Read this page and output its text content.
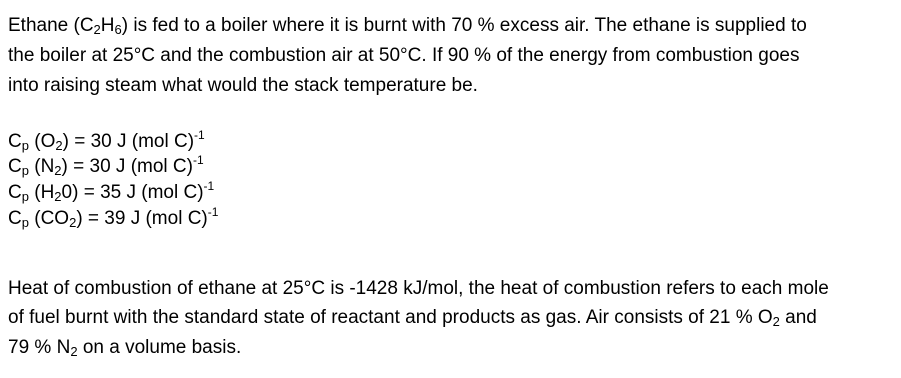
Ethane $(C_2H_6)$ is fed to a boiler where it is burnt with 70 % excess air. The ethane is supplied to
the boiler at 25°C and the combustion air at 50°C. If 90 % of the energy from combustion goes
into raising steam what would the stack temperature be.
$C_p$ $(O_2) = 30$ J (mol C)$^{-1}$
$C_p$ $(N_2) = 30$ J (mol C)$^{-1}$
$C_p$ $(H_20) = 35$ J (mol C)$^{-1}$
$C_p$ $(CO_2) = 39$ J (mol C)$^{-1}$
Heat of combustion of ethane at 25°C is -1428 kJ/mol, the heat of combustion refers to each mole
of fuel burnt with the standard state of reactant and products as gas. Air consists of 21 % $O_2$ and
79 % $N_2$ on a volume basis.
